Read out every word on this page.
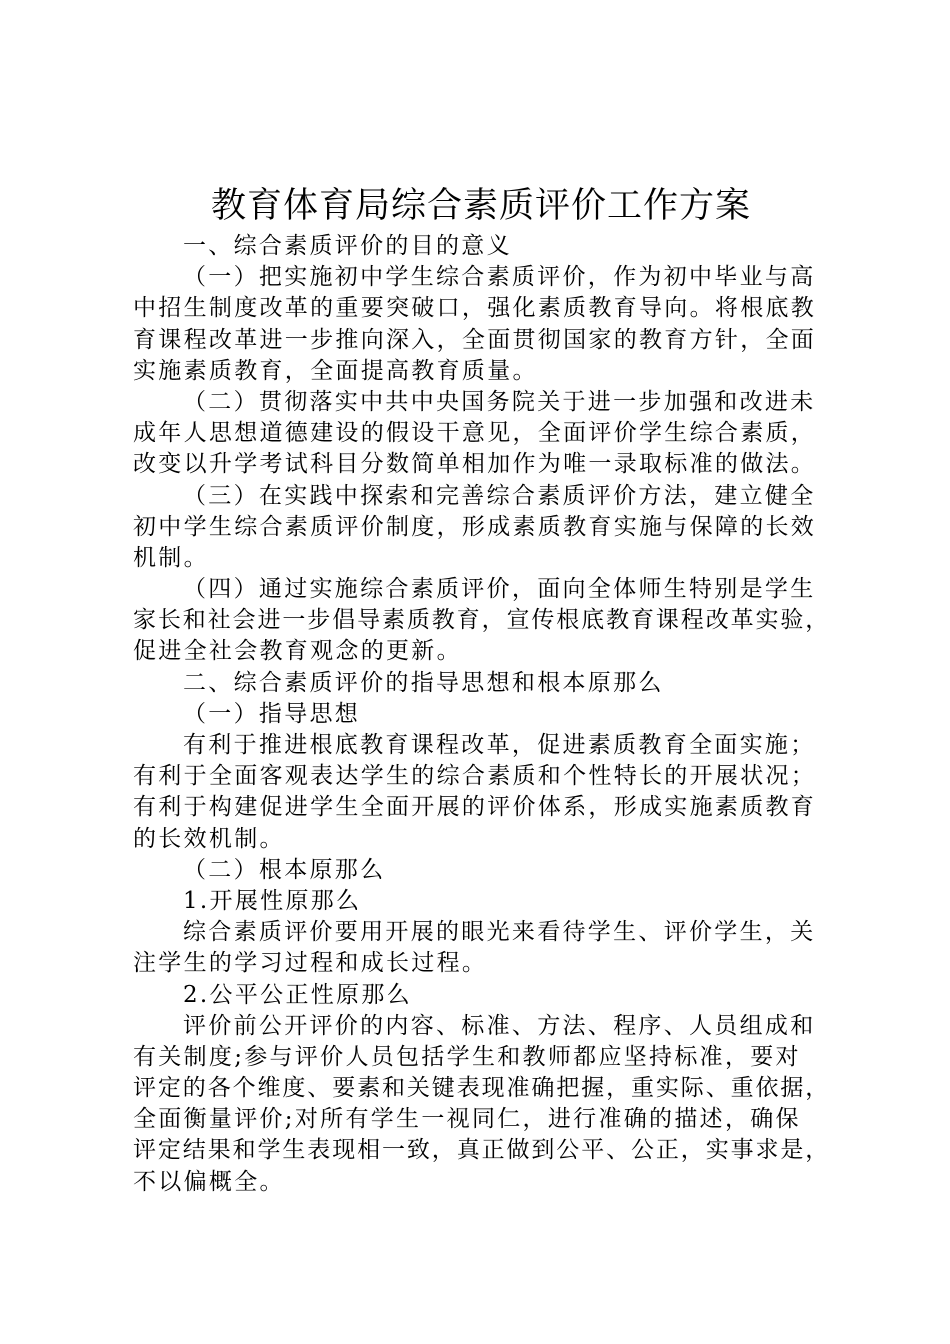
教育体育局综合素质评价工作方案
一、综合素质评价的目的意义
（一）把实施初中学生综合素质评价，作为初中毕业与高
中招生制度改革的重要突破口，强化素质教育导向。将根底教
育课程改革进一步推向深入，全面贯彻国家的教育方针，全面
实施素质教育，全面提高教育质量。
（二）贯彻落实中共中央国务院关于进一步加强和改进未
成年人思想道德建设的假设干意见，全面评价学生综合素质，
改变以升学考试科目分数简单相加作为唯一录取标准的做法。
（三）在实践中探索和完善综合素质评价方法，建立健全
初中学生综合素质评价制度，形成素质教育实施与保障的长效
机制。
（四）通过实施综合素质评价，面向全体师生特别是学生
家长和社会进一步倡导素质教育，宣传根底教育课程改革实验，
促进全社会教育观念的更新。
二、综合素质评价的指导思想和根本原那么
（一）指导思想
有利于推进根底教育课程改革，促进素质教育全面实施；
有利于全面客观表达学生的综合素质和个性特长的开展状况；
有利于构建促进学生全面开展的评价体系，形成实施素质教育
的长效机制。
（二）根本原那么
1.开展性原那么
综合素质评价要用开展的眼光来看待学生、评价学生，关
注学生的学习过程和成长过程。
2.公平公正性原那么
评价前公开评价的内容、标准、方法、程序、人员组成和
有关制度;参与评价人员包括学生和教师都应坚持标准，要对
评定的各个维度、要素和关键表现准确把握，重实际、重依据，
全面衡量评价;对所有学生一视同仁，进行准确的描述，确保
评定结果和学生表现相一致，真正做到公平、公正，实事求是，
不以偏概全。
